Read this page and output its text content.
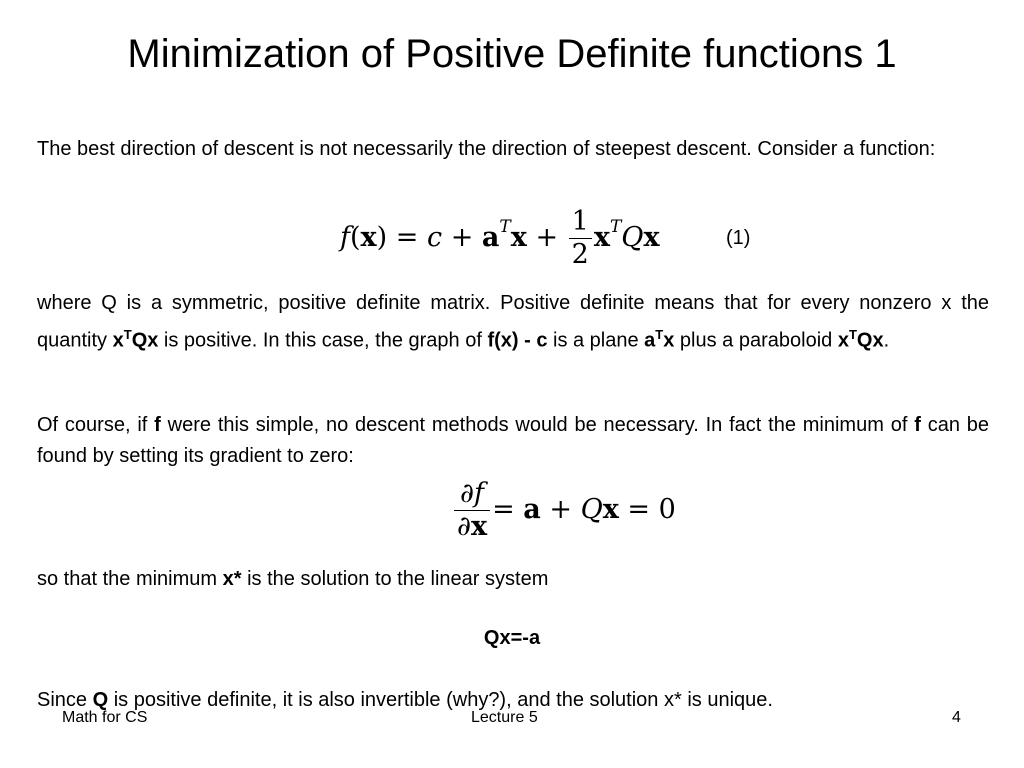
Minimization of Positive Definite functions 1
The best direction of descent is not necessarily the direction of steepest descent. Consider a function:
$f(x) = c + a^Tx + \frac{1}{2} x^TQx$	(1)
where Q is a symmetric, positive definite matrix. Positive definite means that for every nonzero x the quantity $x^TQx$ is positive. In this case, the graph of f(x) - c is a plane $a^Tx$ plus a paraboloid $x^TQx$.
Of course, if f were this simple, no descent methods would be necessary. In fact the minimum of f can be found by setting its gradient to zero:
$\frac{\partial f}{\partial x} = a + Qx = 0$
so that the minimum x* is the solution to the linear system
Qx=-a
Since Q is positive definite, it is also invertible (why?), and the solution x* is unique.
Math for CS	Lecture 5	4
